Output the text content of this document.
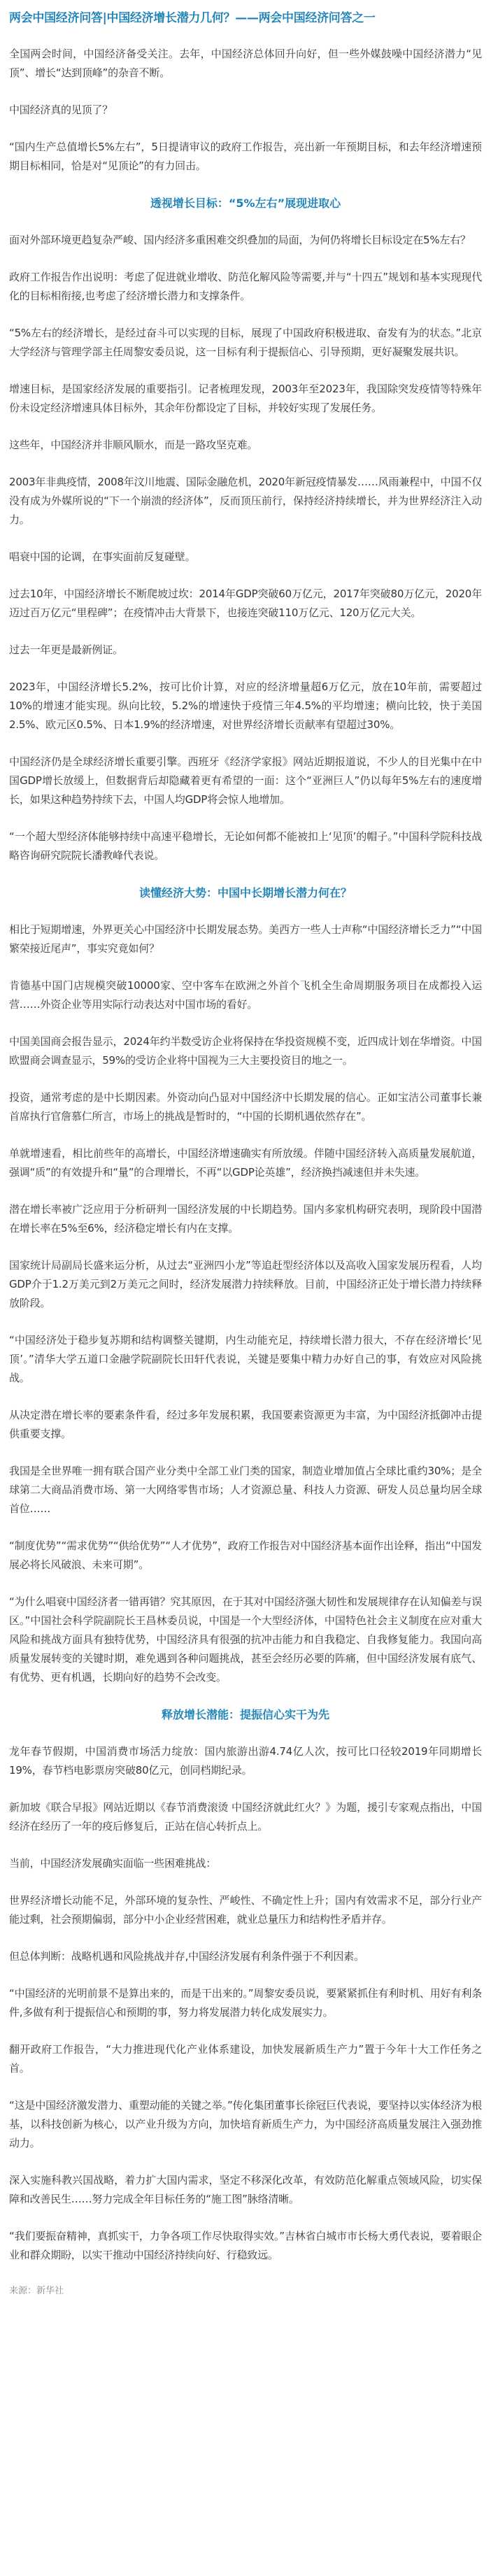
两会中国经济问答|中国经济增长潜力几何？——两会中国经济问答之一

全国两会时间，中国经济备受关注。去年，中国经济总体回升向好，但一些外媒鼓噪中国经济潜力“见顶”、增长“达到顶峰”的杂音不断。

中国经济真的见顶了？

“国内生产总值增长5%左右”，5日提请审议的政府工作报告，亮出新一年预期目标，和去年经济增速预期目标相同，恰是对“见顶论”的有力回击。

透视增长目标：“5%左右”展现进取心

面对外部环境更趋复杂严峻、国内经济多重困难交织叠加的局面，为何仍将增长目标设定在5%左右？

政府工作报告作出说明：考虑了促进就业增收、防范化解风险等需要,并与“十四五”规划和基本实现现代化的目标相衔接,也考虑了经济增长潜力和支撑条件。

“5%左右的经济增长，是经过奋斗可以实现的目标，展现了中国政府积极进取、奋发有为的状态。”北京大学经济与管理学部主任周黎安委员说，这一目标有利于提振信心、引导预期，更好凝聚发展共识。

增速目标，是国家经济发展的重要指引。记者梳理发现，2003年至2023年，我国除突发疫情等特殊年份未设定经济增速具体目标外，其余年份都设定了目标，并较好实现了发展任务。

这些年，中国经济并非顺风顺水，而是一路攻坚克难。

2003年非典疫情，2008年汶川地震、国际金融危机，2020年新冠疫情暴发……风雨兼程中，中国不仅没有成为外媒所说的“下一个崩溃的经济体”，反而顶压前行，保持经济持续增长，并为世界经济注入动力。

唱衰中国的论调，在事实面前反复碰壁。

过去10年，中国经济增长不断爬坡过坎：2014年GDP突破60万亿元，2017年突破80万亿元，2020年迈过百万亿元“里程碑”；在疫情冲击大背景下，也接连突破110万亿元、120万亿元大关。

过去一年更是最新例证。

2023年，中国经济增长5.2%，按可比价计算，对应的经济增量超6万亿元，放在10年前，需要超过10%的增速才能实现。纵向比较，5.2%的增速快于疫情三年4.5%的平均增速；横向比较，快于美国2.5%、欧元区0.5%、日本1.9%的经济增速，对世界经济增长贡献率有望超过30%。

中国经济仍是全球经济增长重要引擎。西班牙《经济学家报》网站近期报道说，不少人的目光集中在中国GDP增长放缓上，但数据背后却隐藏着更有希望的一面：这个“亚洲巨人”仍以每年5%左右的速度增长，如果这种趋势持续下去，中国人均GDP将会惊人地增加。

“一个超大型经济体能够持续中高速平稳增长，无论如何都不能被扣上‘见顶’的帽子。”中国科学院科技战略咨询研究院院长潘教峰代表说。

读懂经济大势：中国中长期增长潜力何在？

相比于短期增速，外界更关心中国经济中长期发展态势。美西方一些人士声称“中国经济增长乏力”“中国繁荣接近尾声”，事实究竟如何？

肯德基中国门店规模突破10000家、空中客车在欧洲之外首个飞机全生命周期服务项目在成都投入运营……外资企业等用实际行动表达对中国市场的看好。

中国美国商会报告显示，2024年约半数受访企业将保持在华投资规模不变，近四成计划在华增资。中国欧盟商会调查显示，59%的受访企业将中国视为三大主要投资目的地之一。

投资，通常考虑的是中长期因素。外资动向凸显对中国经济中长期发展的信心。正如宝洁公司董事长兼首席执行官詹慕仁所言，市场上的挑战是暂时的，“中国的长期机遇依然存在”。

单就增速看，相比前些年的高增长，中国经济增速确实有所放缓。伴随中国经济转入高质量发展航道，强调“质”的有效提升和“量”的合理增长，不再“以GDP论英雄”，经济换挡减速但并未失速。

潜在增长率被广泛应用于分析研判一国经济发展的中长期趋势。国内多家机构研究表明，现阶段中国潜在增长率在5%至6%，经济稳定增长有内在支撑。

国家统计局副局长盛来运分析，从过去“亚洲四小龙”等追赶型经济体以及高收入国家发展历程看，人均GDP介于1.2万美元到2万美元之间时，经济发展潜力持续释放。目前，中国经济正处于增长潜力持续释放阶段。

“中国经济处于稳步复苏期和结构调整关键期，内生动能充足，持续增长潜力很大，不存在经济增长‘见顶’。”清华大学五道口金融学院副院长田轩代表说，关键是要集中精力办好自己的事，有效应对风险挑战。

从决定潜在增长率的要素条件看，经过多年发展积累，我国要素资源更为丰富，为中国经济抵御冲击提供重要支撑。

我国是全世界唯一拥有联合国产业分类中全部工业门类的国家，制造业增加值占全球比重约30%；是全球第二大商品消费市场、第一大网络零售市场；人才资源总量、科技人力资源、研发人员总量均居全球首位……

“制度优势”“需求优势”“供给优势”“人才优势”，政府工作报告对中国经济基本面作出诠释，指出“中国发展必将长风破浪、未来可期”。

“为什么唱衰中国经济者一错再错？究其原因，在于其对中国经济强大韧性和发展规律存在认知偏差与误区。”中国社会科学院副院长王昌林委员说，中国是一个大型经济体，中国特色社会主义制度在应对重大风险和挑战方面具有独特优势，中国经济具有很强的抗冲击能力和自我稳定、自我修复能力。我国向高质量发展转变的关键时期，难免遇到各种问题挑战，甚至会经历必要的阵痛，但中国经济发展有底气、有优势、更有机遇，长期向好的趋势不会改变。

释放增长潜能：提振信心实干为先

龙年春节假期，中国消费市场活力绽放：国内旅游出游4.74亿人次，按可比口径较2019年同期增长19%，春节档电影票房突破80亿元，创同档期纪录。

新加坡《联合早报》网站近期以《春节消费滚烫 中国经济就此红火？》为题，援引专家观点指出，中国经济在经历了一年的疫后修复后，正站在信心转折点上。

当前，中国经济发展确实面临一些困难挑战：

世界经济增长动能不足，外部环境的复杂性、严峻性、不确定性上升；国内有效需求不足，部分行业产能过剩，社会预期偏弱，部分中小企业经营困难，就业总量压力和结构性矛盾并存。

但总体判断：战略机遇和风险挑战并存,中国经济发展有利条件强于不利因素。

“中国经济的光明前景不是算出来的，而是干出来的。”周黎安委员说，要紧紧抓住有利时机、用好有利条件,多做有利于提振信心和预期的事，努力将发展潜力转化成发展实力。

翻开政府工作报告，“大力推进现代化产业体系建设，加快发展新质生产力”置于今年十大工作任务之首。

“这是中国经济激发潜力、重塑动能的关键之举。”传化集团董事长徐冠巨代表说，要坚持以实体经济为根基，以科技创新为核心，以产业升级为方向，加快培育新质生产力，为中国经济高质量发展注入强劲推动力。

深入实施科教兴国战略，着力扩大国内需求，坚定不移深化改革，有效防范化解重点领域风险，切实保障和改善民生……努力完成全年目标任务的“施工图”脉络清晰。

“我们要振奋精神，真抓实干，力争各项工作尽快取得实效。”吉林省白城市市长杨大勇代表说，要着眼企业和群众期盼，以实干推动中国经济持续向好、行稳致远。

来源：新华社
